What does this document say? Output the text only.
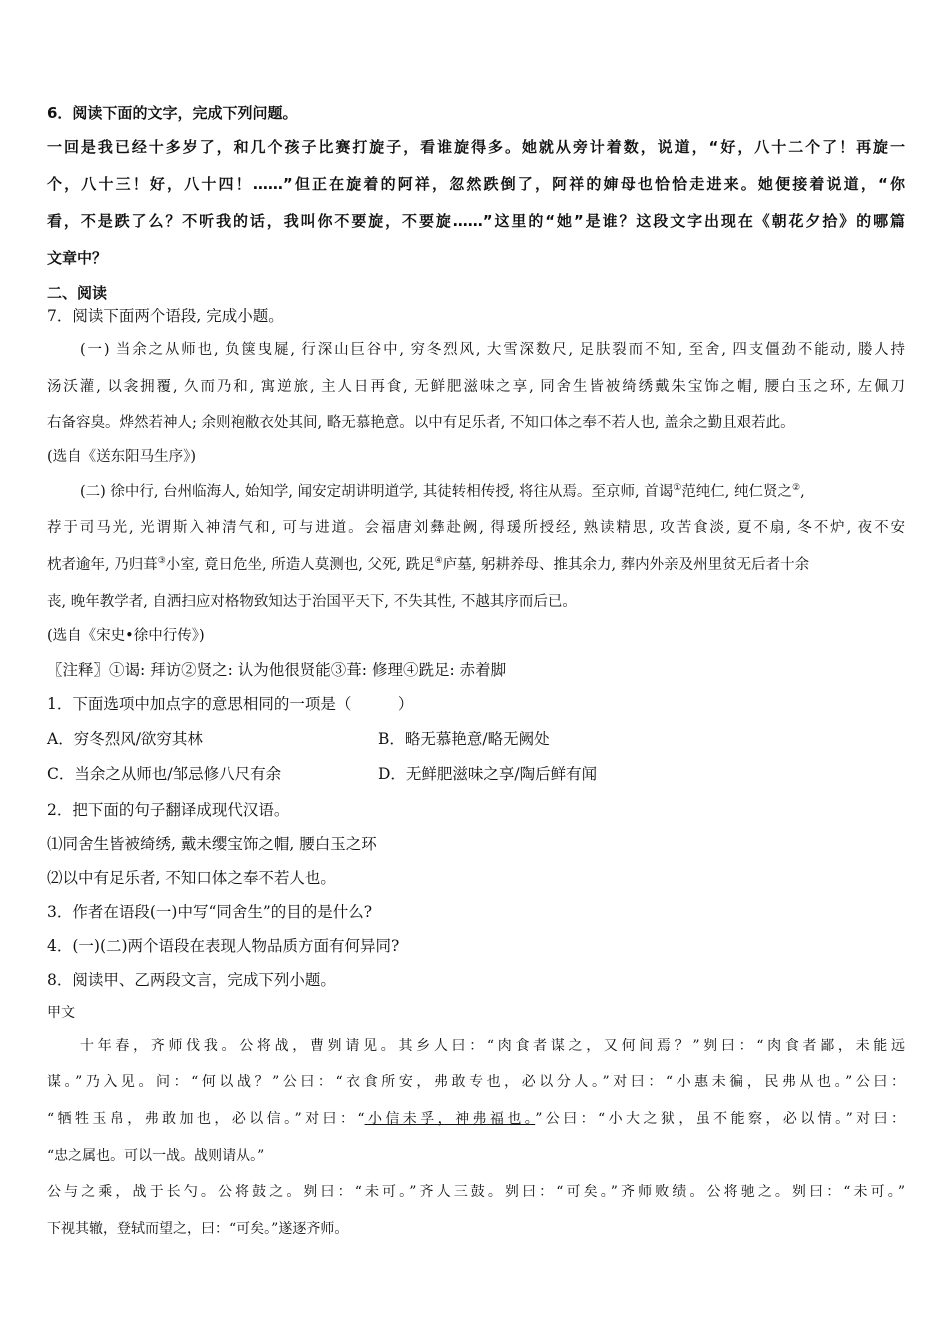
6．阅读下面的文字，完成下列问题。
一回是我已经十多岁了，和几个孩子比赛打旋子，看谁旋得多。她就从旁计着数，说道，“好，八十二个了！再旋一
个，八十三！好，八十四！……”但正在旋着的阿祥，忽然跌倒了，阿祥的婶母也恰恰走进来。她便接着说道，“你
看，不是跌了么？不听我的话，我叫你不要旋，不要旋……”这里的“她”是谁？这段文字出现在《朝花夕拾》的哪篇
文章中？
二、阅读
7．阅读下面两个语段, 完成小题。
(一) 当余之从师也, 负箧曳屣, 行深山巨谷中, 穷冬烈风, 大雪深数尺, 足肤裂而不知, 至舍, 四支僵劲不能动, 媵人持
汤沃灌, 以衾拥覆, 久而乃和, 寓逆旅, 主人日再食, 无鲜肥滋味之享, 同舍生皆被绮绣戴朱宝饰之帽, 腰白玉之环, 左佩刀
右备容臭。烨然若神人; 余则袍敝衣处其间, 略无慕艳意。以中有足乐者, 不知口体之奉不若人也, 盖余之勤且艰若此。
(选自《送东阳马生序》)
(二) 徐中行, 台州临海人, 始知学, 闻安定胡讲明道学, 其徒转相传授, 将往从焉。至京师, 首谒①范纯仁, 纯仁贤之②,
荐于司马光, 光谓斯入神清气和, 可与进道。会福唐刘彝赴阙, 得瑗所授经, 熟读精思, 攻苦食淡, 夏不扇, 冬不炉, 夜不安
枕者逾年, 乃归葺③小室, 竟日危坐, 所造人莫测也, 父死, 跣足④庐墓, 躬耕养母、推其余力, 葬内外亲及州里贫无后者十余
丧, 晚年教学者, 自洒扫应对格物致知达于治国平天下, 不失其性, 不越其序而后已。
(选自《宋史•徐中行传》)
〖注释〗①谒: 拜访②贤之: 认为他很贤能③葺: 修理④跣足: 赤着脚
1．下面选项中加点字的意思相同的一项是（　　　）
A．穷冬烈风/欲穷其林	B．略无慕艳意/略无阙处
C．当余之从师也/邹忌修八尺有余	D．无鲜肥滋味之享/陶后鲜有闻
2．把下面的句子翻译成现代汉语。
⑴同舍生皆被绮绣, 戴未缨宝饰之帽, 腰白玉之环
⑵以中有足乐者, 不知口体之奉不若人也。
3．作者在语段(一)中写“同舍生”的目的是什么?
4．(一)(二)两个语段在表现人物品质方面有何异同?
8．阅读甲、乙两段文言，完成下列小题。
甲文
十年春，齐师伐我。公将战，曹刿请见。其乡人曰：“肉食者谋之，又何间焉？”刿曰：“肉食者鄙，未能远
谋。”乃入见。问：“何以战？”公曰：“衣食所安，弗敢专也，必以分人。”对曰：“小惠未徧，民弗从也。”公曰：
“牺牲玉帛，弗敢加也，必以信。”对曰：“小信未孚，神弗福也。”公曰：“小大之狱，虽不能察，必以情。”对曰：
“忠之属也。可以一战。战则请从。”
公与之乘，战于长勺。公将鼓之。刿曰：“未可。”齐人三鼓。刿曰：“可矣。”齐师败绩。公将驰之。刿曰：“未可。”
下视其辙，登轼而望之，曰：“可矣。”遂逐齐师。
